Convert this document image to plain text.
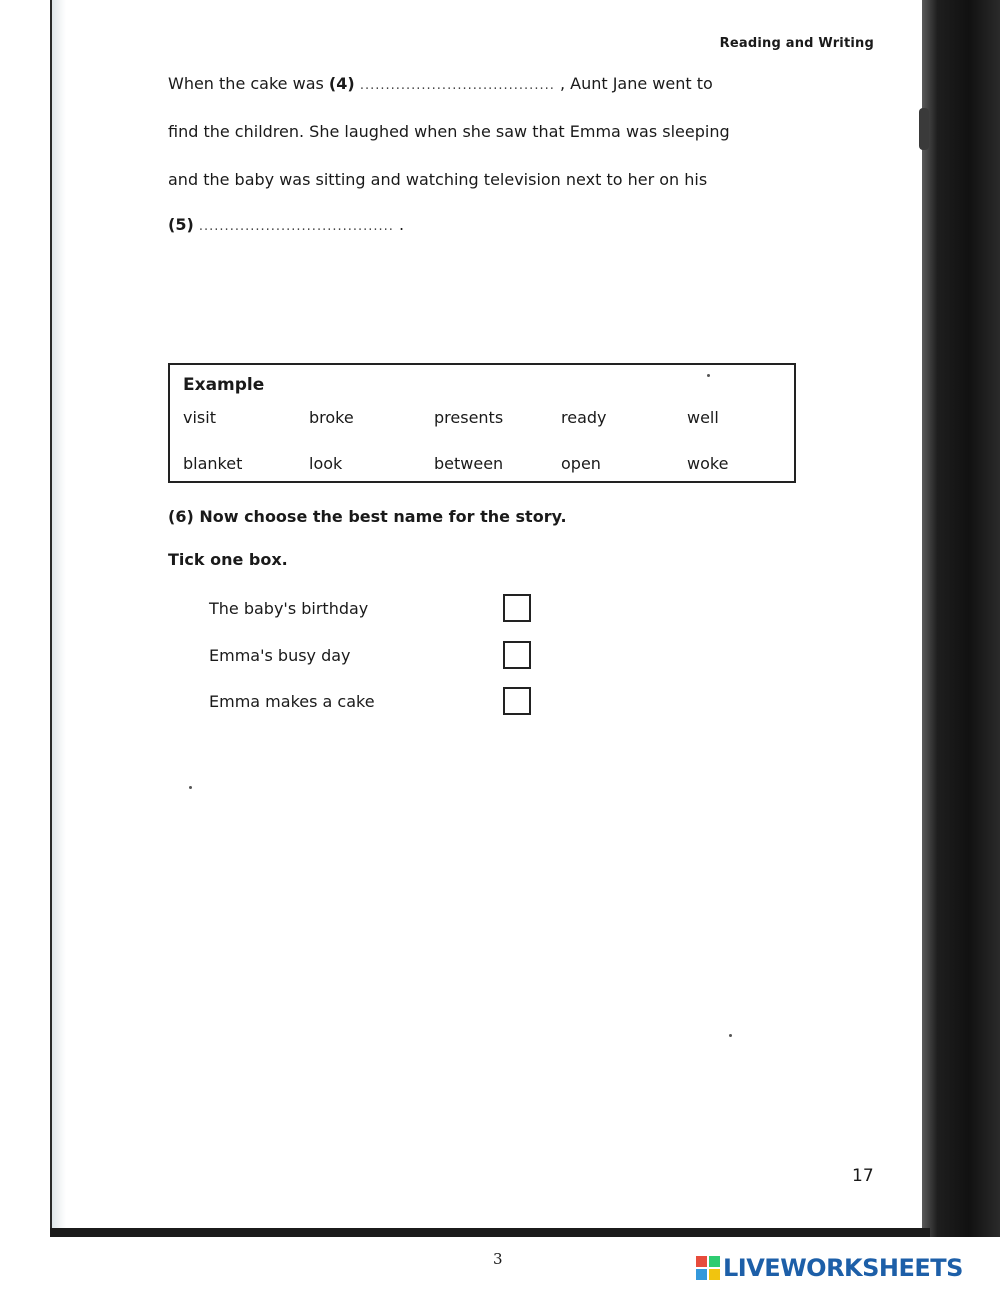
Reading and Writing
When the cake was (4) ...................................... , Aunt Jane went to
find the children. She laughed when she saw that Emma was sleeping
and the baby was sitting and watching television next to her on his
(5) ...................................... .
Example
visit	broke	presents	ready	well
blanket	look	between	open	woke
(6) Now choose the best name for the story.
Tick one box.
The baby's birthday
Emma's busy day
Emma makes a cake
17
3	LIVEWORKSHEETS
